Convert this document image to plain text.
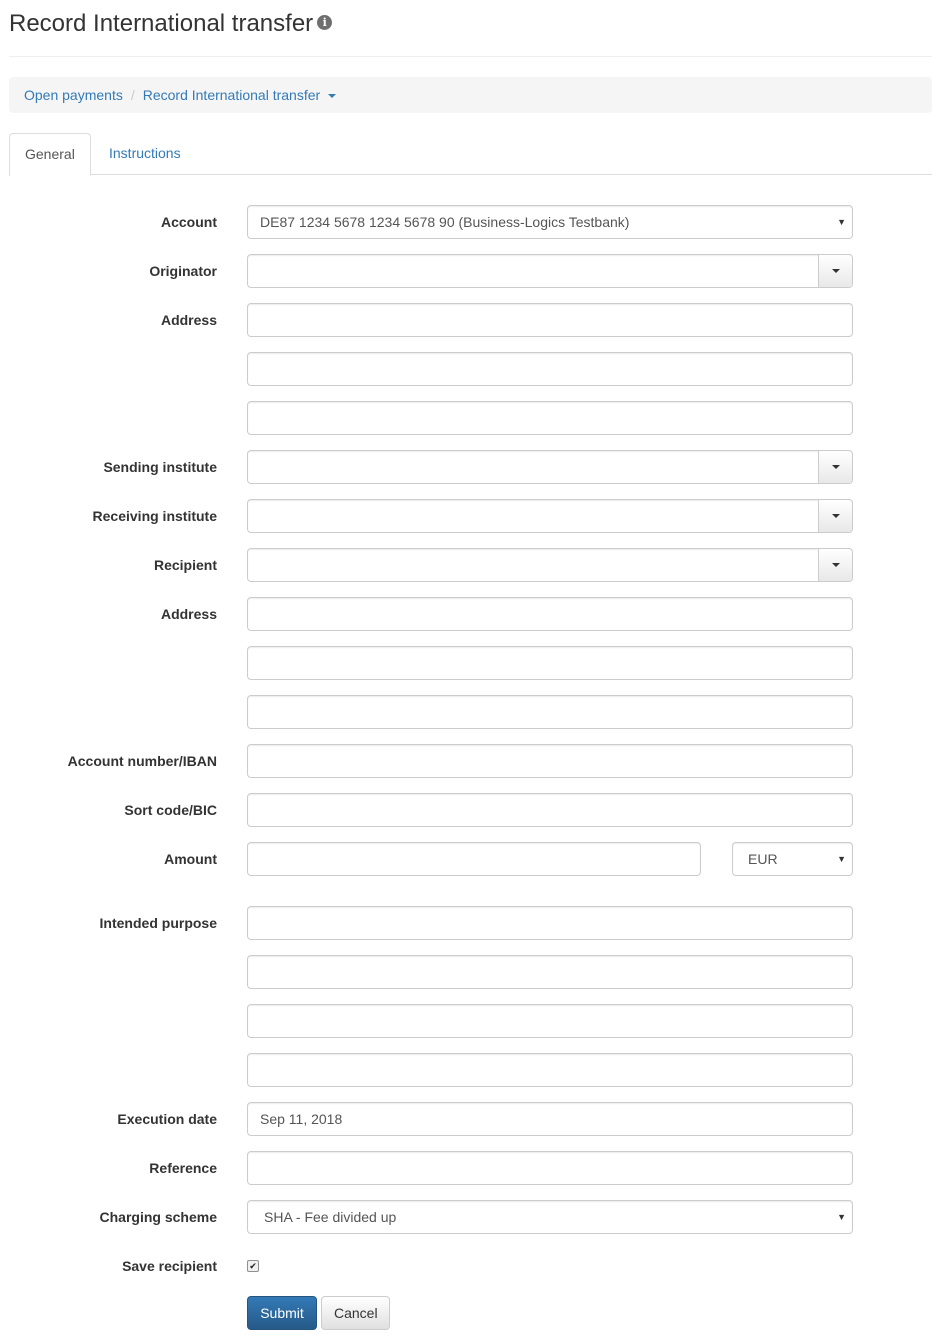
Record International transfer i
Open payments / Record International transfer
General	Instructions
Account	DE87 1234 5678 1234 5678 90 (Business-Logics Testbank)	▼
Originator
Address
Sending institute
Receiving institute
Recipient
Address
Account number/IBAN
Sort code/BIC
Amount	EUR	▼
Intended purpose
Execution date	Sep 11, 2018
Reference
Charging scheme	SHA - Fee divided up	▼
Save recipient	✔
Submit	Cancel
